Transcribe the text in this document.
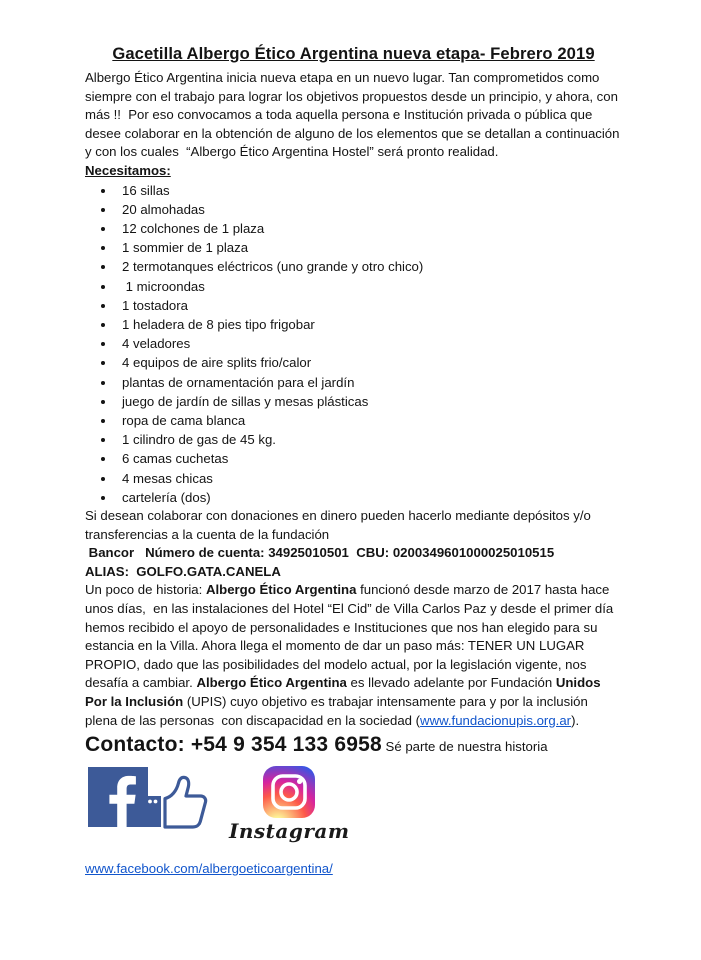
Gacetilla Albergo Ético Argentina nueva etapa- Febrero 2019

Albergo Ético Argentina inicia nueva etapa en un nuevo lugar. Tan comprometidos como siempre con el trabajo para lograr los objetivos propuestos desde un principio, y ahora, con más !!  Por eso convocamos a toda aquella persona e Institución privada o pública que desee colaborar en la obtención de alguno de los elementos que se detallan a continuación y con los cuales  “Albergo Ético Argentina Hostel” será pronto realidad.

Necesitamos:
• 16 sillas
• 20 almohadas
• 12 colchones de 1 plaza
• 1 sommier de 1 plaza
• 2 termotanques eléctricos (uno grande y otro chico)
•  1 microondas
• 1 tostadora
• 1 heladera de 8 pies tipo frigobar
• 4 veladores
• 4 equipos de aire splits frio/calor
• plantas de ornamentación para el jardín
• juego de jardín de sillas y mesas plásticas
• ropa de cama blanca
• 1 cilindro de gas de 45 kg.
• 6 camas cuchetas
• 4 mesas chicas
• cartelería (dos)

Si desean colaborar con donaciones en dinero pueden hacerlo mediante depósitos y/o transferencias a la cuenta de la fundación

Bancor   Número de cuenta: 34925010501  CBU: 0200349601000025010515

ALIAS:  GOLFO.GATA.CANELA

Un poco de historia: Albergo Ético Argentina funcionó desde marzo de 2017 hasta hace unos días,  en las instalaciones del Hotel “El Cid” de Villa Carlos Paz y desde el primer día hemos recibido el apoyo de personalidades e Instituciones que nos han elegido para su estancia en la Villa. Ahora llega el momento de dar un paso más: TENER UN LUGAR PROPIO, dado que las posibilidades del modelo actual, por la legislación vigente, nos desafía a cambiar. Albergo Ético Argentina es llevado adelante por Fundación Unidos Por la Inclusión (UPIS) cuyo objetivo es trabajar intensamente para y por la inclusión plena de las personas  con discapacidad en la sociedad (www.fundacionupis.org.ar).

Contacto: +54 9 354 133 6958 Sé parte de nuestra historia
Instagram
www.facebook.com/albergoeticoargentina/
